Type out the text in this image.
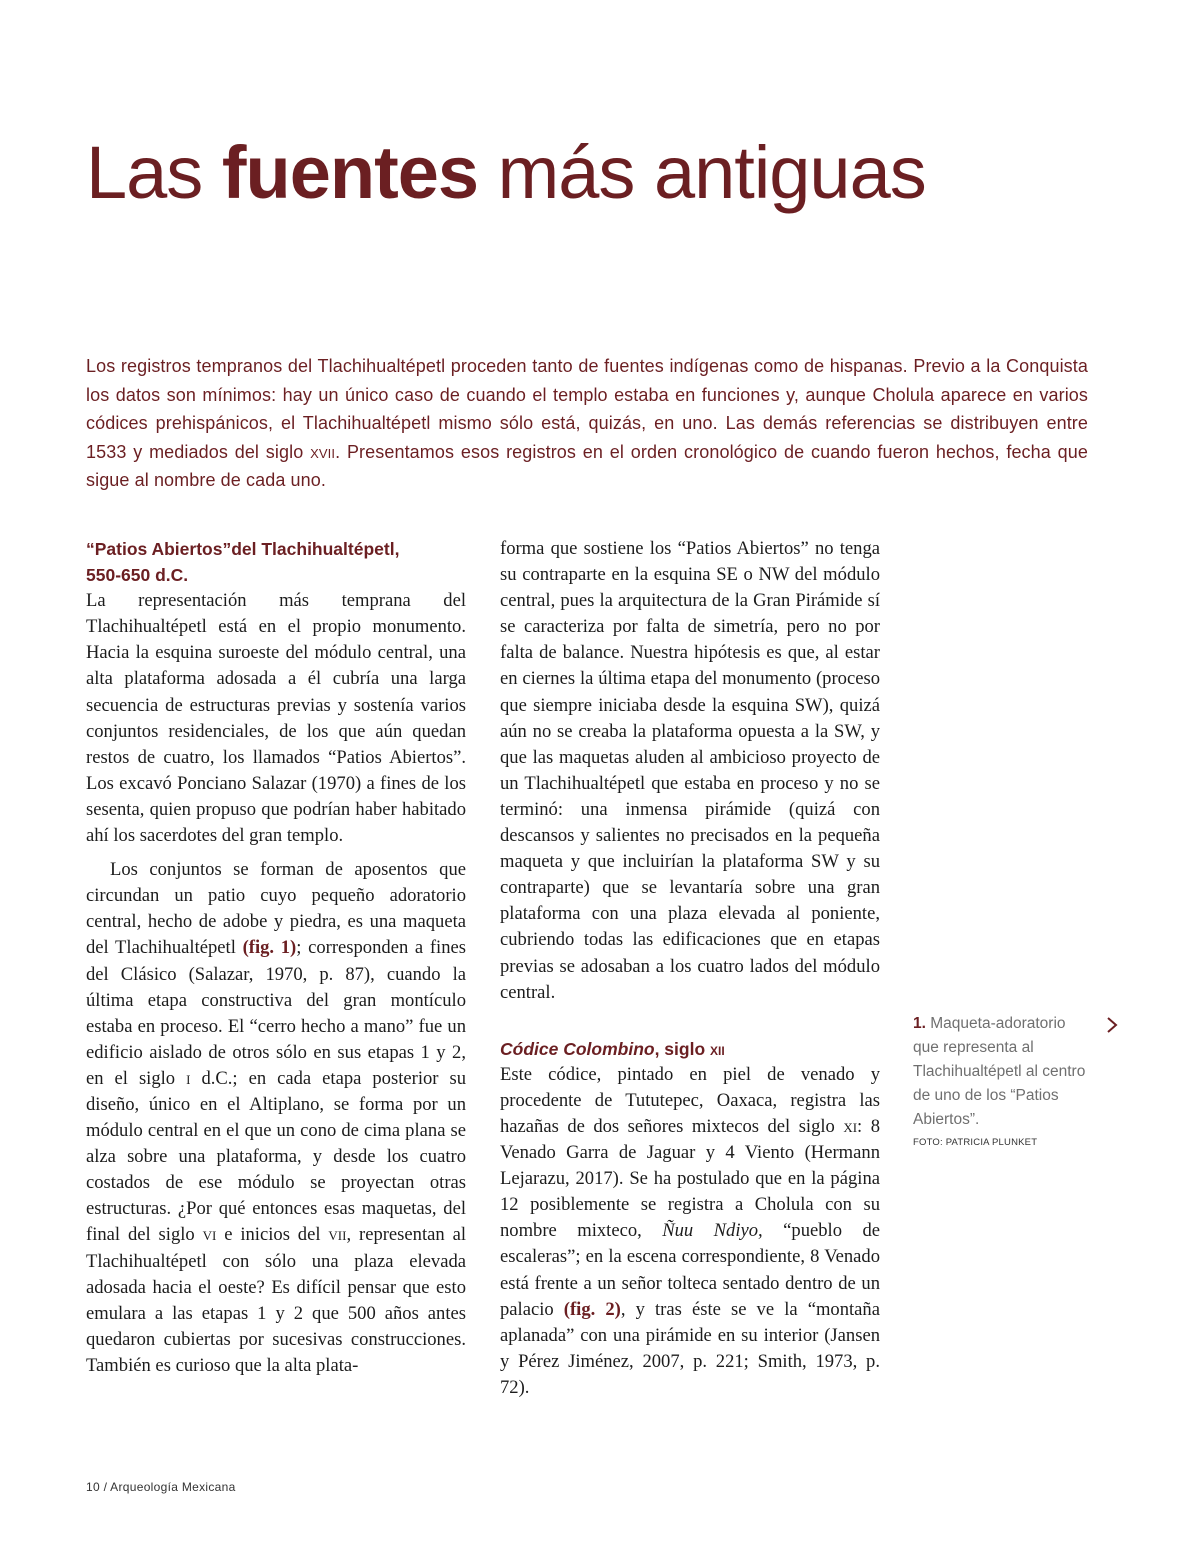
Las fuentes más antiguas

Los registros tempranos del Tlachihualtépetl proceden tanto de fuentes indígenas como de hispanas. Previo a la Conquista los datos son mínimos: hay un único caso de cuando el templo estaba en funciones y, aunque Cholula aparece en varios códices prehispánicos, el Tlachihualtépetl mismo sólo está, quizás, en uno. Las demás referencias se distribuyen entre 1533 y mediados del siglo xvii. Presentamos esos registros en el orden cronológico de cuando fueron hechos, fecha que sigue al nombre de cada uno.

“Patios Abiertos”del Tlachihualtépetl,
550-650 d.C.

La representación más temprana del Tlachihualtépetl está en el propio monumento. Hacia la esquina suroeste del módulo central, una alta plataforma adosada a él cubría una larga secuencia de estructuras previas y sostenía varios conjuntos residenciales, de los que aún quedan restos de cuatro, los llamados “Patios Abiertos”. Los excavó Ponciano Salazar (1970) a fines de los sesenta, quien propuso que podrían haber habitado ahí los sacerdotes del gran templo.

Los conjuntos se forman de aposentos que circundan un patio cuyo pequeño adoratorio central, hecho de adobe y piedra, es una maqueta del Tlachihualtépetl (fig. 1); corresponden a fines del Clásico (Salazar, 1970, p. 87), cuando la última etapa constructiva del gran montículo estaba en proceso. El “cerro hecho a mano” fue un edificio aislado de otros sólo en sus etapas 1 y 2, en el siglo i d.C.; en cada etapa posterior su diseño, único en el Altiplano, se forma por un módulo central en el que un cono de cima plana se alza sobre una plataforma, y desde los cuatro costados de ese módulo se proyectan otras estructuras. ¿Por qué entonces esas maquetas, del final del siglo vi e inicios del vii, representan al Tlachihualtépetl con sólo una plaza elevada adosada hacia el oeste? Es difícil pensar que esto emulara a las etapas 1 y 2 que 500 años antes quedaron cubiertas por sucesivas construcciones. También es curioso que la alta plata-

forma que sostiene los “Patios Abiertos” no tenga su contraparte en la esquina SE o NW del módulo central, pues la arquitectura de la Gran Pirámide sí se caracteriza por falta de simetría, pero no por falta de balance. Nuestra hipótesis es que, al estar en ciernes la última etapa del monumento (proceso que siempre iniciaba desde la esquina SW), quizá aún no se creaba la plataforma opuesta a la SW, y que las maquetas aluden al ambicioso proyecto de un Tlachihualtépetl que estaba en proceso y no se terminó: una inmensa pirámide (quizá con descansos y salientes no precisados en la pequeña maqueta y que incluirían la plataforma SW y su contraparte) que se levantaría sobre una gran plataforma con una plaza elevada al poniente, cubriendo todas las edificaciones que en etapas previas se adosaban a los cuatro lados del módulo central.

Códice Colombino, siglo xii

Este códice, pintado en piel de venado y procedente de Tututepec, Oaxaca, registra las hazañas de dos señores mixtecos del siglo xi: 8 Venado Garra de Jaguar y 4 Viento (Hermann Lejarazu, 2017). Se ha postulado que en la página 12 posiblemente se registra a Cholula con su nombre mixteco, Ñuu Ndiyo, “pueblo de escaleras”; en la escena correspondiente, 8 Venado está frente a un señor tolteca sentado dentro de un palacio (fig. 2), y tras éste se ve la “montaña aplanada” con una pirámide en su interior (Jansen y Pérez Jiménez, 2007, p. 221; Smith, 1973, p. 72).

1. Maqueta-adoratorio que representa al Tlachihualtépetl al centro de uno de los “Patios Abiertos”.
FOTO: PATRICIA PLUNKET
10 / Arqueología Mexicana
